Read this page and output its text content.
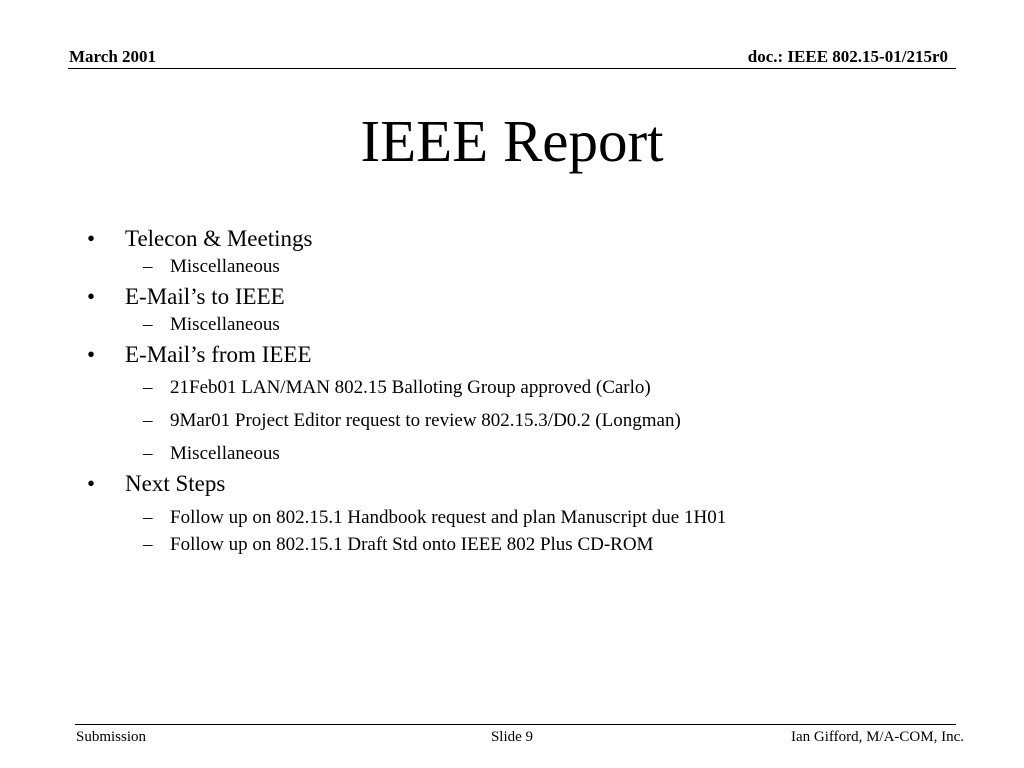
March 2001	doc.: IEEE 802.15-01/215r0
IEEE Report
• Telecon & Meetings
– Miscellaneous
• E-Mail’s to IEEE
– Miscellaneous
• E-Mail’s from IEEE
– 21Feb01 LAN/MAN 802.15 Balloting Group approved (Carlo)
– 9Mar01 Project Editor request to review 802.15.3/D0.2 (Longman)
– Miscellaneous
• Next Steps
– Follow up on 802.15.1 Handbook request and plan Manuscript due 1H01
– Follow up on 802.15.1 Draft Std onto IEEE 802 Plus CD-ROM
Submission	Slide 9	Ian Gifford, M/A-COM, Inc.
